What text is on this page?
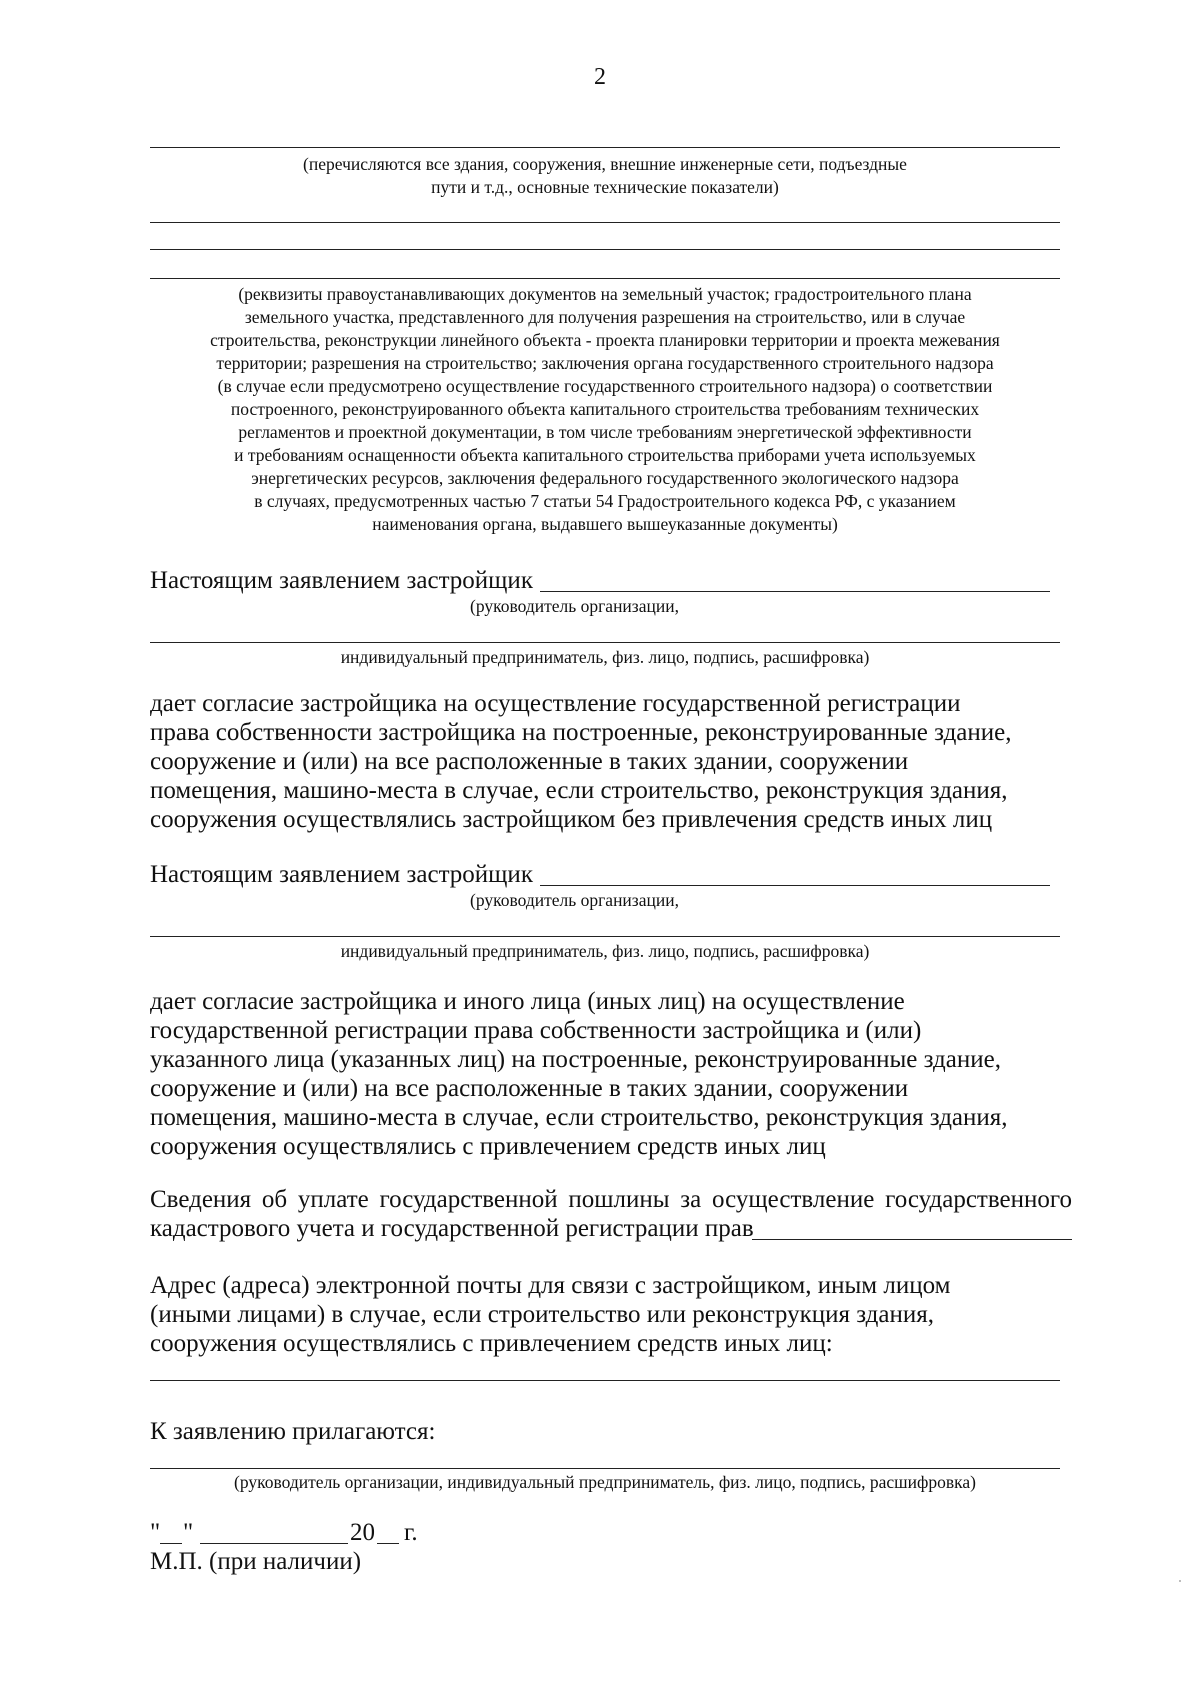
2
(перечисляются все здания, сооружения, внешние инженерные сети, подъездные
пути и т.д., основные технические показатели)
(реквизиты правоустанавливающих документов на земельный участок; градостроительного плана
земельного участка, представленного для получения разрешения на строительство, или в случае
строительства, реконструкции линейного объекта - проекта планировки территории и проекта межевания
территории; разрешения на строительство; заключения органа государственного строительного надзора
(в случае если предусмотрено осуществление государственного строительного надзора) о соответствии
построенного, реконструированного объекта капитального строительства требованиям технических
регламентов и проектной документации, в том числе требованиям энергетической эффективности
и требованиям оснащенности объекта капитального строительства приборами учета используемых
энергетических ресурсов, заключения федерального государственного экологического надзора
в случаях, предусмотренных частью 7 статьи 54 Градостроительного кодекса РФ, с указанием
наименования органа, выдавшего вышеуказанные документы)
Настоящим заявлением застройщик
(руководитель организации,
индивидуальный предприниматель, физ. лицо, подпись, расшифровка)
дает согласие застройщика на осуществление государственной регистрации
права собственности застройщика на построенные, реконструированные здание,
сооружение и (или) на все расположенные в таких здании, сооружении
помещения, машино-места в случае, если строительство, реконструкция здания,
сооружения осуществлялись застройщиком без привлечения средств иных лиц
Настоящим заявлением застройщик
(руководитель организации,
индивидуальный предприниматель, физ. лицо, подпись, расшифровка)
дает согласие застройщика и иного лица (иных лиц) на осуществление
государственной регистрации права собственности застройщика и (или)
указанного лица (указанных лиц) на построенные, реконструированные здание,
сооружение и (или) на все расположенные в таких здании, сооружении
помещения, машино-места в случае, если строительство, реконструкция здания,
сооружения осуществлялись с привлечением средств иных лиц
Сведения об уплате государственной пошлины за осуществление государственного
кадастрового учета и государственной регистрации прав
Адрес (адреса) электронной почты для связи с застройщиком, иным лицом
(иными лицами) в случае, если строительство или реконструкция здания,
сооружения осуществлялись с привлечением средств иных лиц:
К заявлению прилагаются:
(руководитель организации, индивидуальный предприниматель, физ. лицо, подпись, расшифровка)
" "	20 г.
М.П. (при наличии)
